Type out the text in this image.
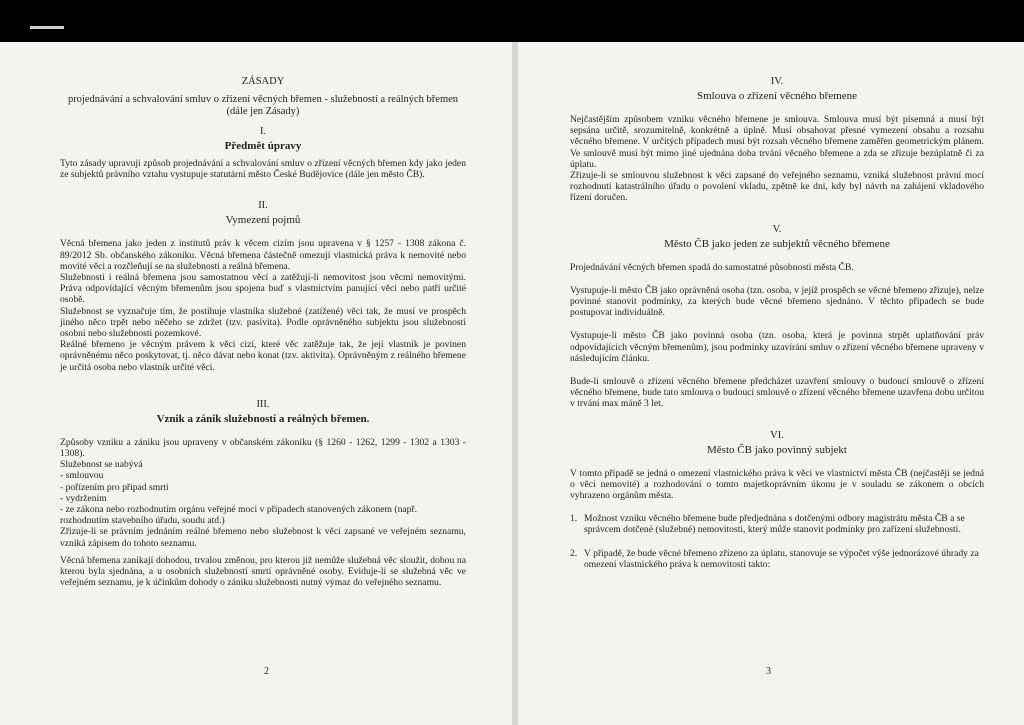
ZÁSADY

projednávání a schvalování smluv o zřízení věcných břemen - služebností a reálných břemen (dále jen Zásady)

I.

Předmět úpravy

Tyto zásady upravují způsob projednávání a schvalování smluv o zřízení věcných břemen kdy jako jeden ze subjektů právního vztahu vystupuje statutární město České Budějovice (dále jen město ČB).

II.

Vymezení pojmů

Věcná břemena jako jeden z institutů práv k věcem cizím jsou upravena v § 1257 - 1308 zákona č. 89/2012 Sb. občanského zákoníku. Věcná břemena částečně omezují vlastnická práva k nemovité nebo movité věci a rozčleňují se na služebnosti a reálná břemena.

Služebnosti i reálná břemena jsou samostatnou věcí a zatěžují-li nemovitost jsou věcmi nemovitými. Práva odpovídající věcným břemenům jsou spojena buď s vlastnictvím panující věci nebo patří určité osobě.

Služebnost se vyznačuje tím, že postihuje vlastníka služebné (zatížené) věci tak, že musí ve prospěch jiného něco trpět nebo něčeho se zdržet (tzv. pasivita). Podle oprávněného subjektu jsou služebnosti osobní nebo služebnosti pozemkové.

Reálné břemeno je věcným právem k věci cizí, které věc zatěžuje tak, že její vlastník je povinen oprávněnému něco poskytovat, tj. něco dávat nebo konat (tzv. aktivita). Oprávněným z reálného břemene je určitá osoba nebo vlastník určité věci.

III.

Vznik a zánik služebností a reálných břemen.

Způsoby vzniku a zániku jsou upraveny v občanském zákoníku (§ 1260 - 1262, 1299 - 1302 a 1303 - 1308).

Služebnost se nabývá

- smlouvou
- pořízením pro případ smrti
- vydržením
- ze zákona nebo rozhodnutím orgánu veřejné moci v případech stanovených zákonem (např. rozhodnutím stavebního úřadu, soudu atd.)

Zřizuje-li se právním jednáním reálné břemeno nebo služebnost k věci zapsané ve veřejném seznamu, vzniká zápisem do tohoto seznamu.

Věcná břemena zanikají dohodou, trvalou změnou, pro kterou již nemůže služebná věc sloužit, dobou na kterou byla sjednána, a u osobních služebností smrtí oprávněné osoby. Eviduje-li se služebná věc ve veřejném seznamu, je k účinkům dohody o zániku služebnosti nutný výmaz do veřejného seznamu.

2

IV.

Smlouva o zřízení věcného břemene

Nejčastějším způsobem vzniku věcného břemene je smlouva. Smlouva musí být písemná a musí být sepsána určitě, srozumitelně, konkrétně a úplně. Musí obsahovat přesné vymezení obsahu a rozsahu věcného břemene. V určitých případech musí být rozsah věcného břemene zaměřen geometrickým plánem. Ve smlouvě musí být mimo jiné ujednána doba trvání věcného břemene a zda se zřizuje bezúplatně či za úplatu.

Zřizuje-li se smlouvou služebnost k věci zapsané do veřejného seznamu, vzniká služebnost právní mocí rozhodnutí katastrálního úřadu o povolení vkladu, zpětně ke dni, kdy byl návrh na zahájení vkladového řízení doručen.

V.

Město ČB jako jeden ze subjektů věcného břemene

Projednávání věcných břemen spadá do samostatné působnosti města ČB.

Vystupuje-li město ČB jako oprávněná osoba (tzn. osoba, v jejíž prospěch se věcné břemeno zřizuje), nelze povinné stanovit podmínky, za kterých bude věcné břemeno sjednáno. V těchto případech se bude postupovat individuálně.

Vystupuje-li město ČB jako povinná osoba (tzn. osoba, která je povinna strpět uplatňování práv odpovídajících věcným břemenům), jsou podmínky uzavírání smluv o zřízení věcného břemene upraveny v následujícím článku.

Bude-li smlouvě o zřízení věcného břemene předcházet uzavření smlouvy o budoucí smlouvě o zřízení věcného břemene, bude tato smlouva o budoucí smlouvě o zřízení věcného břemene uzavřena dobu určitou v trvání max máně 3 let.

VI.

Město ČB jako povinný subjekt

V tomto případě se jedná o omezení vlastnického práva k věci ve vlastnictví města ČB (nejčastěji se jedná o věci nemovité) a rozhodování o tomto majetkoprávním úkonu je v souladu se zákonem o obcích vyhrazeno orgánům města.

1. Možnost vzniku věcného břemene bude předjednána s dotčenými odbory magistrátu města ČB a se správcem dotčené (služebné) nemovitosti, který může stanovit podmínky pro zařízení služebnosti.
2. V případě, že bude věcné břemeno zřízeno za úplatu, stanovuje se výpočet výše jednorázové úhrady za omezení vlastnického práva k nemovitosti takto:
3
